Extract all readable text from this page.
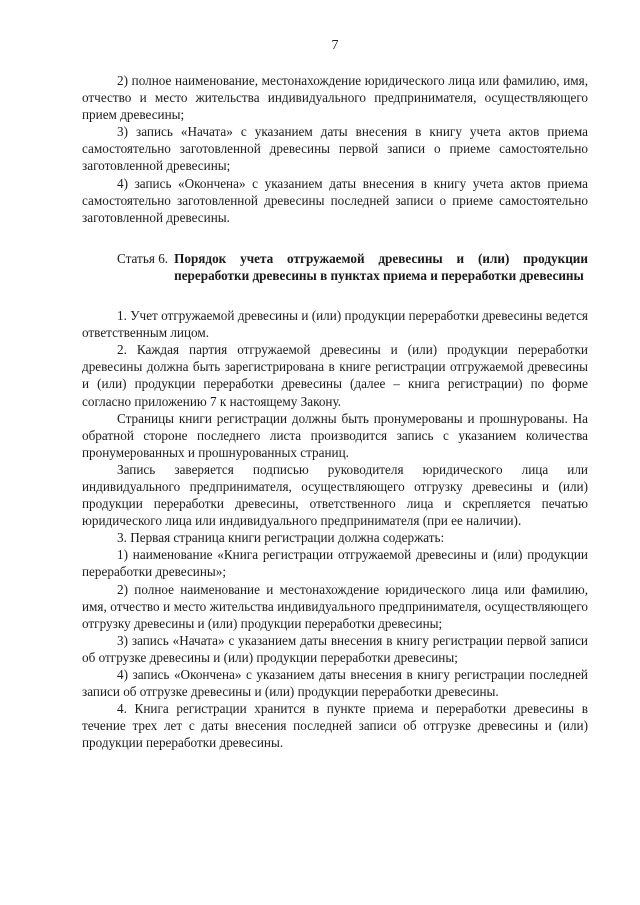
7

2) полное наименование, местонахождение юридического лица или фамилию, имя, отчество и место жительства индивидуального предпринимателя, осуществляющего прием древесины;

3) запись «Начата» с указанием даты внесения в книгу учета актов приема самостоятельно заготовленной древесины первой записи о приеме самостоятельно заготовленной древесины;

4) запись «Окончена» с указанием даты внесения в книгу учета актов приема самостоятельно заготовленной древесины последней записи о приеме самостоятельно заготовленной древесины.

Статья 6. Порядок учета отгружаемой древесины и (или) продукции переработки древесины в пунктах приема и переработки древесины

1. Учет отгружаемой древесины и (или) продукции переработки древесины ведется ответственным лицом.

2. Каждая партия отгружаемой древесины и (или) продукции переработки древесины должна быть зарегистрирована в книге регистрации отгружаемой древесины и (или) продукции переработки древесины (далее – книга регистрации) по форме согласно приложению 7 к настоящему Закону.

Страницы книги регистрации должны быть пронумерованы и прошнурованы. На обратной стороне последнего листа производится запись с указанием количества пронумерованных и прошнурованных страниц.

Запись заверяется подписью руководителя юридического лица или индивидуального предпринимателя, осуществляющего отгрузку древесины и (или) продукции переработки древесины, ответственного лица и скрепляется печатью юридического лица или индивидуального предпринимателя (при ее наличии).

3. Первая страница книги регистрации должна содержать:

1) наименование «Книга регистрации отгружаемой древесины и (или) продукции переработки древесины»;

2) полное наименование и местонахождение юридического лица или фамилию, имя, отчество и место жительства индивидуального предпринимателя, осуществляющего отгрузку древесины и (или) продукции переработки древесины;

3) запись «Начата» с указанием даты внесения в книгу регистрации первой записи об отгрузке древесины и (или) продукции переработки древесины;

4) запись «Окончена» с указанием даты внесения в книгу регистрации последней записи об отгрузке древесины и (или) продукции переработки древесины.

4. Книга регистрации хранится в пункте приема и переработки древесины в течение трех лет с даты внесения последней записи об отгрузке древесины и (или) продукции переработки древесины.
